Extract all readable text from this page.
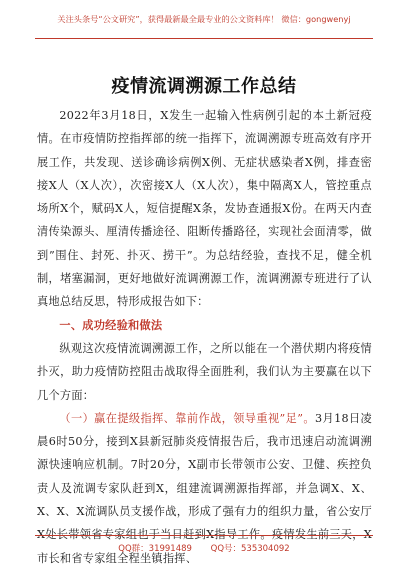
关注头条号“公文研究”，获得最新最全最专业的公文资料库！ 微信：gongwenyj
疫情流调溯源工作总结

2022年3月18日，X发生一起输入性病例引起的本土新冠疫情。在市疫情防控指挥部的统一指挥下，流调溯源专班高效有序开展工作，共发现、送诊确诊病例X例、无症状感染者X例，排查密接X人（X人次），次密接X人（X人次），集中隔离X人，管控重点场所X个，赋码X人，短信提醒X条，发协查通报X份。在两天内查清传染源头、厘清传播途径、阻断传播路径，实现社会面清零，做到”围住、封死、扑灭、捞干”。为总结经验，查找不足，健全机制，堵塞漏洞，更好地做好流调溯源工作，流调溯源专班进行了认真地总结反思，特形成报告如下：

一、成功经验和做法

纵观这次疫情流调溯源工作，之所以能在一个潜伏期内将疫情扑灭，助力疫情防控阻击战取得全面胜利，我们认为主要赢在以下几个方面：

（一）赢在提级指挥、靠前作战，领导重视”足”。3月18日凌晨6时50分，接到X县新冠肺炎疫情报告后，我市迅速启动流调溯源快速响应机制。7时20分，X副市长带领市公安、卫健、疾控负责人及流调专家队赶到X，组建流调溯源指挥部，并急调X、X、X、X、X流调队员支援作战，形成了强有力的组织力量，省公安厅X处长带领省专家组也于当日赶到X指导工作。疫情发生前三天，X市长和省专家组全程坐镇指挥、

QQ群：31991489 QQ号：535304092
